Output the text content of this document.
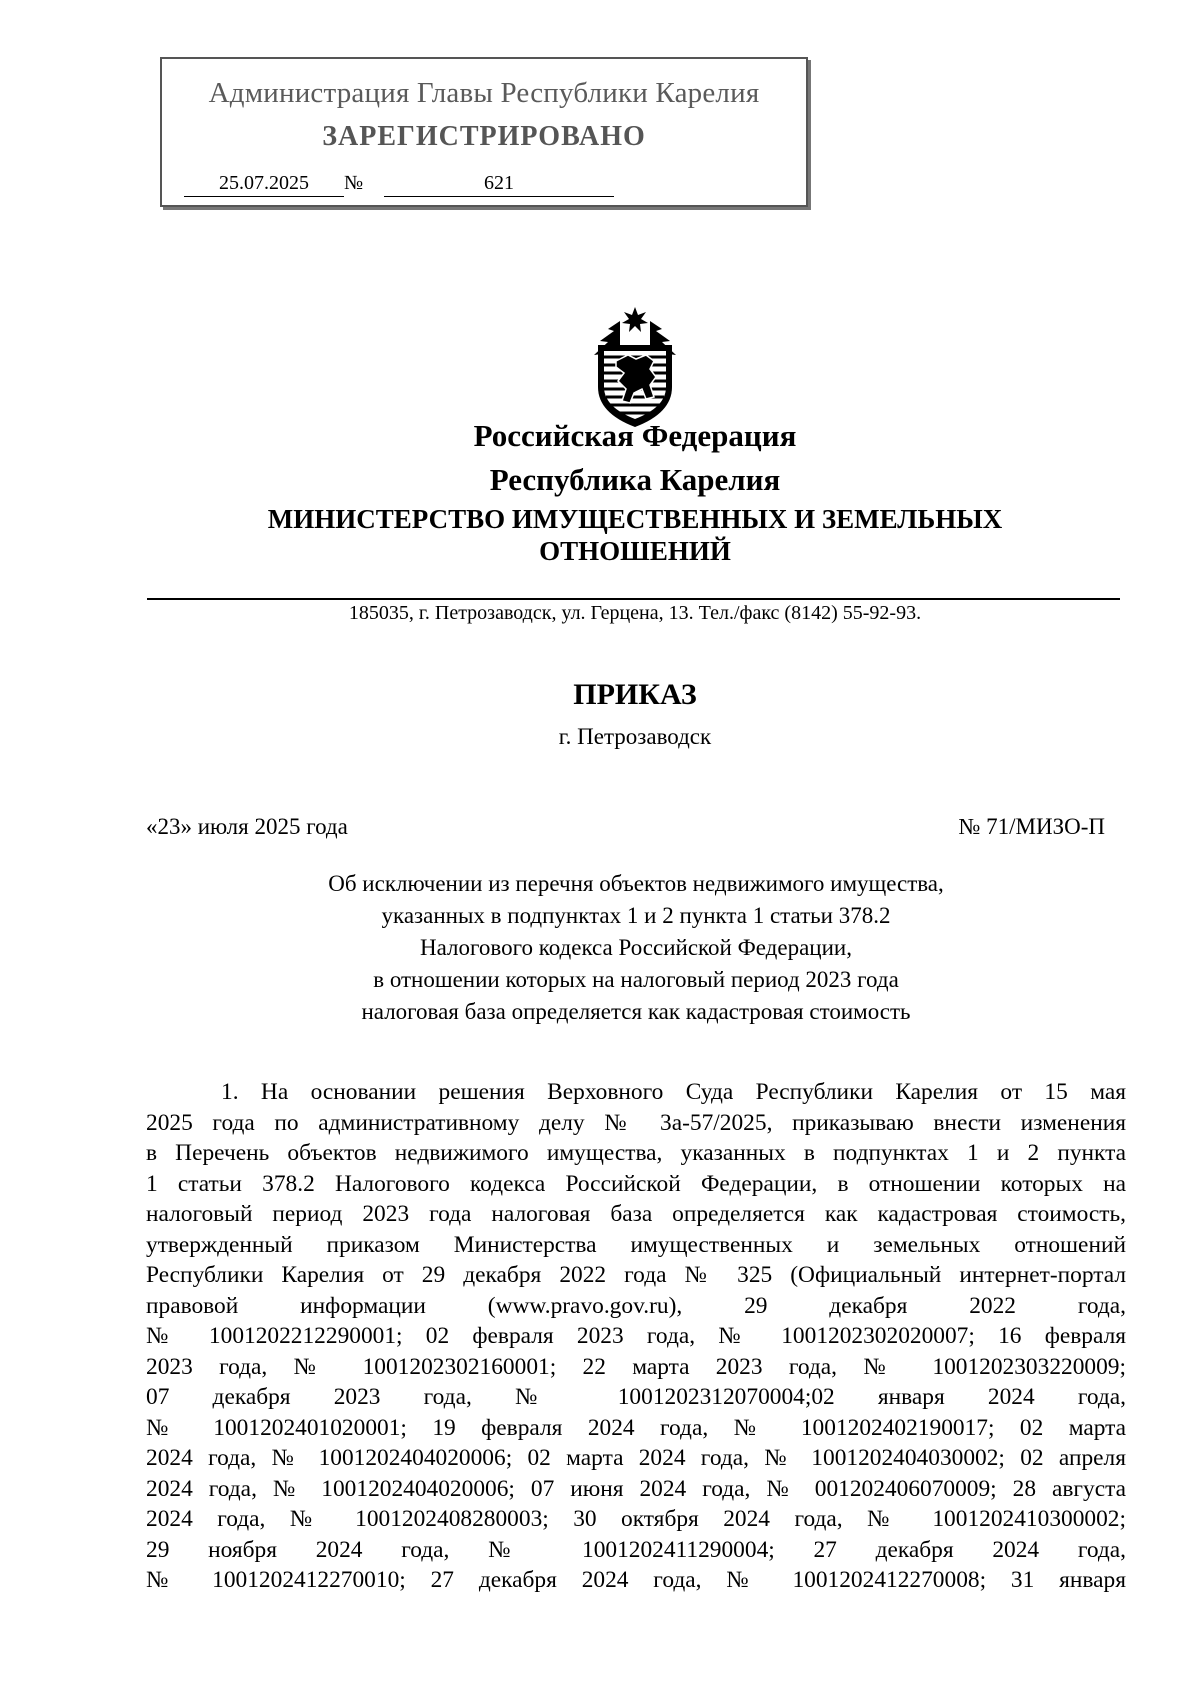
Администрация Главы Республики Карелия
ЗАРЕГИСТРИРОВАНО
25.07.2025	№	621
Российская Федерация
Республика Карелия
МИНИСТЕРСТВО ИМУЩЕСТВЕННЫХ И ЗЕМЕЛЬНЫХ
ОТНОШЕНИЙ
185035, г. Петрозаводск, ул. Герцена, 13. Тел./факс (8142) 55-92-93.
ПРИКАЗ
г. Петрозаводск
«23» июля 2025 года	№ 71/МИЗО-П
Об исключении из перечня объектов недвижимого имущества,
указанных в подпунктах 1 и 2 пункта 1 статьи 378.2
Налогового кодекса Российской Федерации,
в отношении которых на налоговый период 2023 года
налоговая база определяется как кадастровая стоимость
1. На основании решения Верховного Суда Республики Карелия от 15 мая
2025 года по административному делу № 3а-57/2025, приказываю внести изменения
в Перечень объектов недвижимого имущества, указанных в подпунктах 1 и 2 пункта
1 статьи 378.2 Налогового кодекса Российской Федерации, в отношении которых на
налоговый период 2023 года налоговая база определяется как кадастровая стоимость,
утвержденный приказом Министерства имущественных и земельных отношений
Республики Карелия от 29 декабря 2022 года № 325 (Официальный интернет-портал
правовой информации (www.pravo.gov.ru), 29 декабря 2022 года,
№ 1001202212290001; 02 февраля 2023 года, № 1001202302020007; 16 февраля
2023 года, № 1001202302160001; 22 марта 2023 года, № 1001202303220009;
07 декабря 2023 года, № 1001202312070004;02 января 2024 года,
№ 1001202401020001; 19 февраля 2024 года, № 1001202402190017; 02 марта
2024 года, № 1001202404020006; 02 марта 2024 года, № 1001202404030002; 02 апреля
2024 года, № 1001202404020006; 07 июня 2024 года, № 001202406070009; 28 августа
2024 года, № 1001202408280003; 30 октября 2024 года, № 1001202410300002;
29 ноября 2024 года, № 1001202411290004; 27 декабря 2024 года,
№ 1001202412270010; 27 декабря 2024 года, № 1001202412270008; 31 января
